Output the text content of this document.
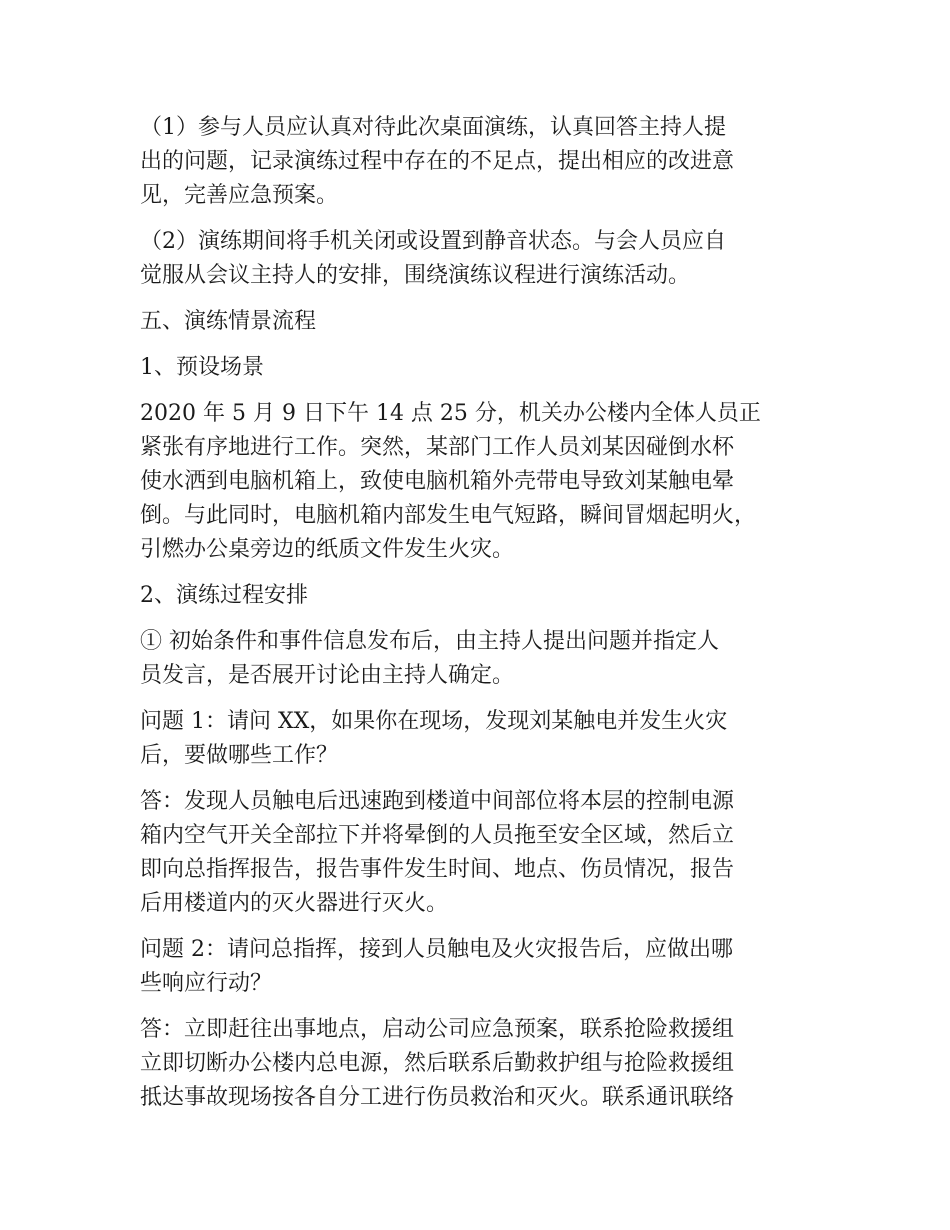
（1）参与人员应认真对待此次桌面演练，认真回答主持人提
出的问题，记录演练过程中存在的不足点，提出相应的改进意
见，完善应急预案。

（2）演练期间将手机关闭或设置到静音状态。与会人员应自
觉服从会议主持人的安排，围绕演练议程进行演练活动。

五、演练情景流程

1、预设场景

2020 年 5 月 9 日下午 14 点 25 分，机关办公楼内全体人员正
紧张有序地进行工作。突然，某部门工作人员刘某因碰倒水杯
使水洒到电脑机箱上，致使电脑机箱外壳带电导致刘某触电晕
倒。与此同时，电脑机箱内部发生电气短路，瞬间冒烟起明火，
引燃办公桌旁边的纸质文件发生火灾。

2、演练过程安排

① 初始条件和事件信息发布后，由主持人提出问题并指定人
员发言，是否展开讨论由主持人确定。

问题 1：请问 XX，如果你在现场，发现刘某触电并发生火灾
后，要做哪些工作？

答：发现人员触电后迅速跑到楼道中间部位将本层的控制电源
箱内空气开关全部拉下并将晕倒的人员拖至安全区域，然后立
即向总指挥报告，报告事件发生时间、地点、伤员情况，报告
后用楼道内的灭火器进行灭火。

问题 2：请问总指挥，接到人员触电及火灾报告后，应做出哪
些响应行动？

答：立即赶往出事地点，启动公司应急预案，联系抢险救援组
立即切断办公楼内总电源，然后联系后勤救护组与抢险救援组
抵达事故现场按各自分工进行伤员救治和灭火。联系通讯联络
